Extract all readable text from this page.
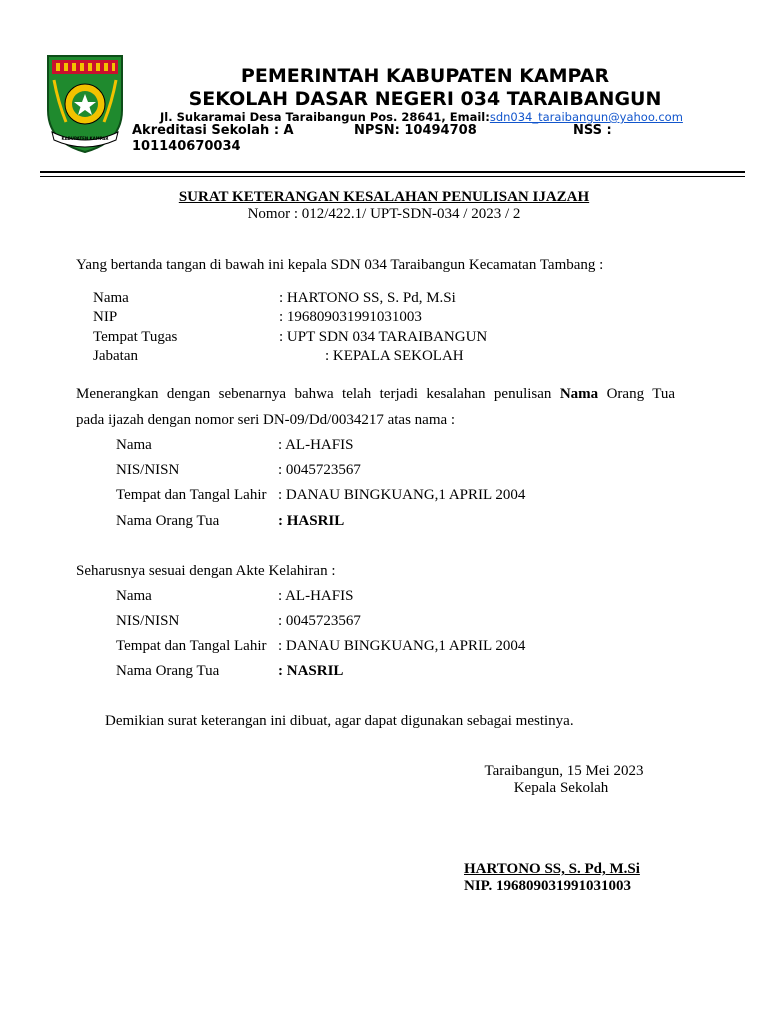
KABUPATEN KAMPAR
PEMERINTAH KABUPATEN KAMPAR
SEKOLAH DASAR NEGERI 034 TARAIBANGUN
Jl. Sukaramai Desa Taraibangun Pos. 28641, Email:sdn034_taraibangun@yahoo.com
Akreditasi Sekolah : A	NPSN: 10494708	NSS :
101140670034
SURAT KETERANGAN KESALAHAN PENULISAN IJAZAH
Nomor : 012/422.1/ UPT-SDN-034 / 2023 / 2
Yang bertanda tangan di bawah ini kepala SDN 034 Taraibangun Kecamatan Tambang :
Nama	: HARTONO SS, S. Pd, M.Si
NIP	: 196809031991031003
Tempat Tugas	: UPT SDN 034 TARAIBANGUN
Jabatan	: KEPALA SEKOLAH
Menerangkan dengan sebenarnya bahwa telah terjadi kesalahan penulisan Nama Orang Tua
pada ijazah dengan nomor seri DN-09/Dd/0034217 atas nama :
Nama	: AL-HAFIS
NIS/NISN	: 0045723567
Tempat dan Tangal Lahir : DANAU BINGKUANG,1 APRIL 2004
Nama Orang Tua	: HASRIL
Seharusnya sesuai dengan Akte Kelahiran :
Nama	: AL-HAFIS
NIS/NISN	: 0045723567
Tempat dan Tangal Lahir : DANAU BINGKUANG,1 APRIL 2004
Nama Orang Tua	: NASRIL
Demikian surat keterangan ini dibuat, agar dapat digunakan sebagai mestinya.
Taraibangun, 15 Mei 2023
Kepala Sekolah
HARTONO SS, S. Pd, M.Si
NIP. 196809031991031003
